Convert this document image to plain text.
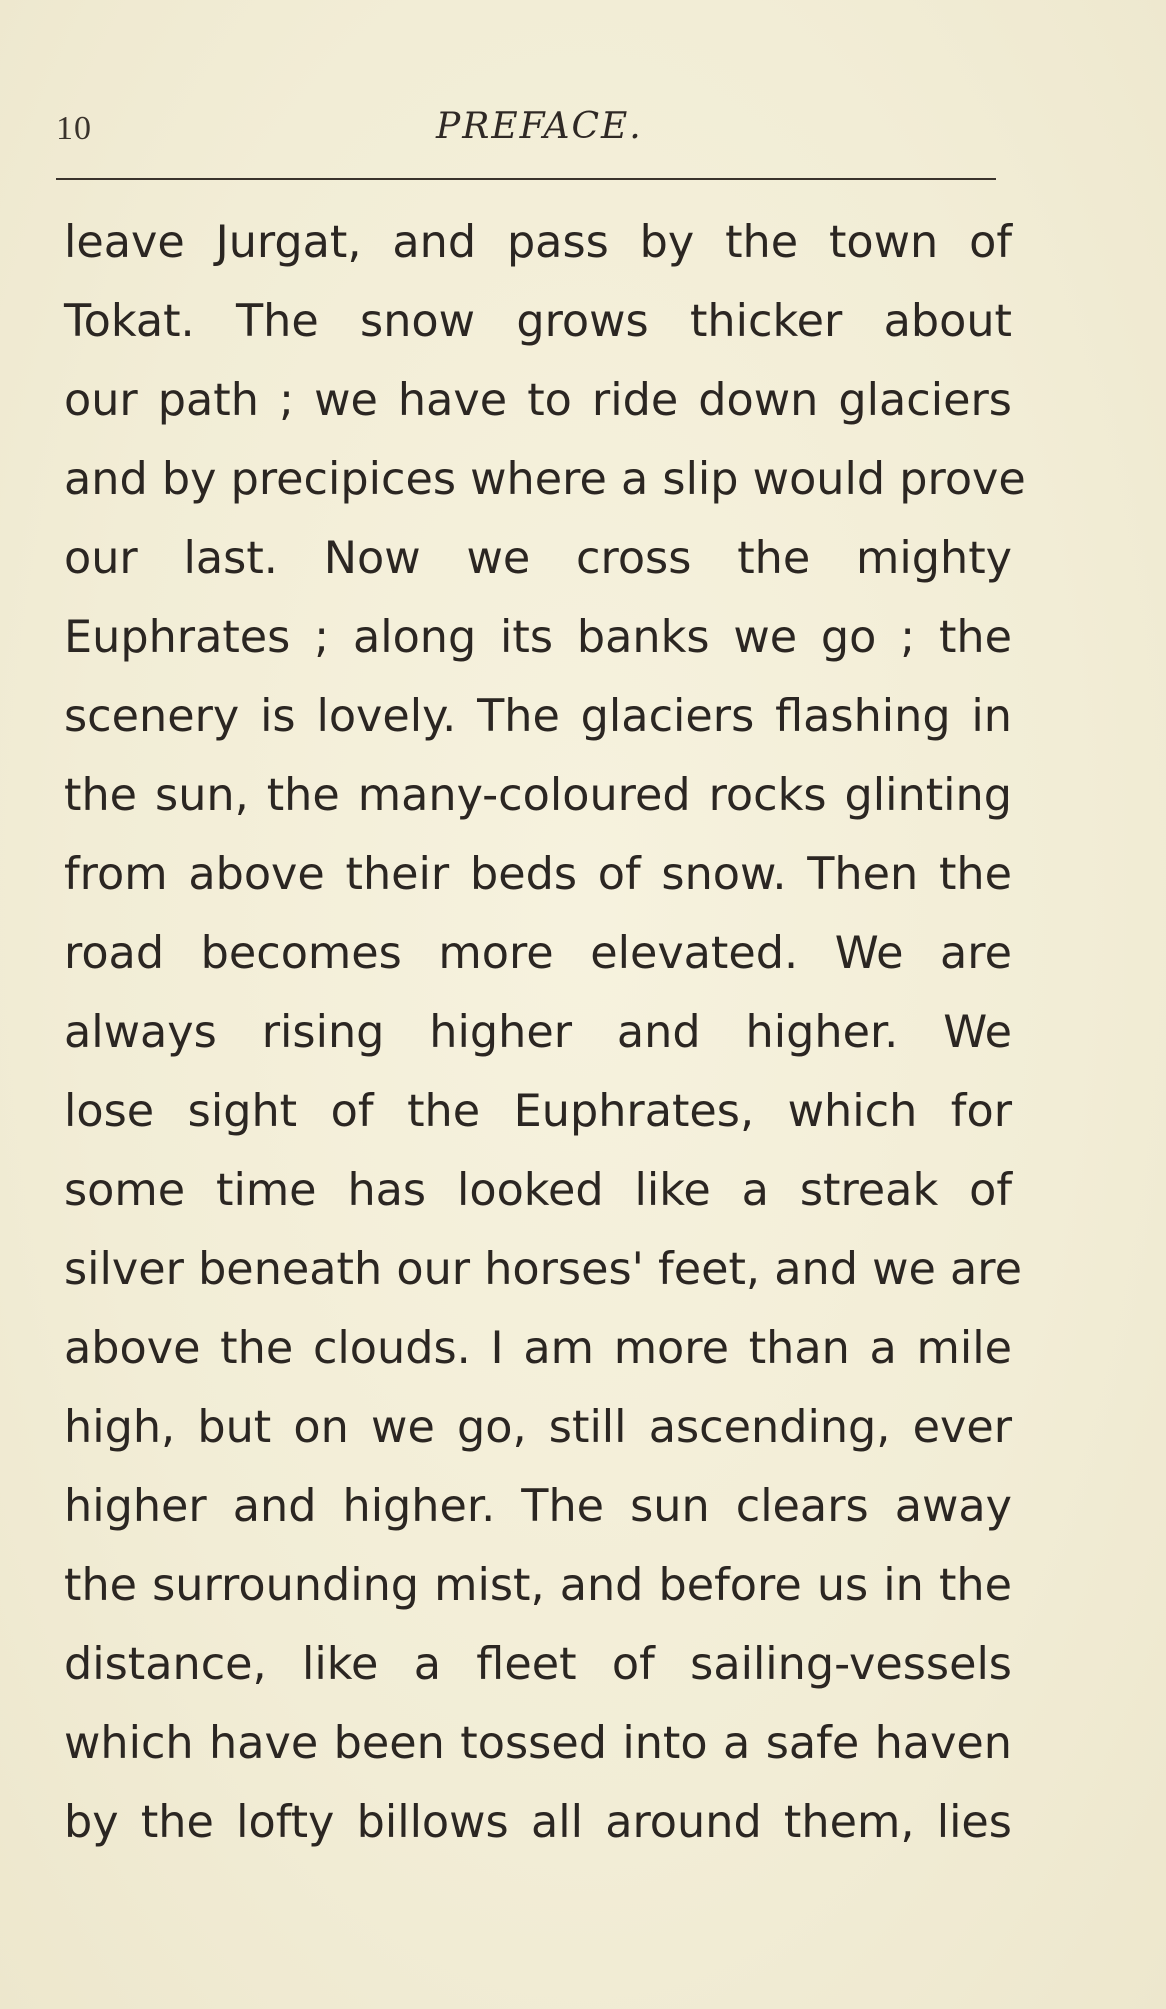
10	PREFACE.
leave Jurgat, and pass by the town of
Tokat. The snow grows thicker about
our path ; we have to ride down glaciers
and by precipices where a slip would prove
our last. Now we cross the mighty
Euphrates ; along its banks we go ; the
scenery is lovely. The glaciers flashing in
the sun, the many-coloured rocks glinting
from above their beds of snow. Then the
road becomes more elevated. We are
always rising higher and higher. We
lose sight of the Euphrates, which for
some time has looked like a streak of
silver beneath our horses' feet, and we are
above the clouds. I am more than a mile
high, but on we go, still ascending, ever
higher and higher. The sun clears away
the surrounding mist, and before us in the
distance, like a fleet of sailing-vessels
which have been tossed into a safe haven
by the lofty billows all around them, lies
